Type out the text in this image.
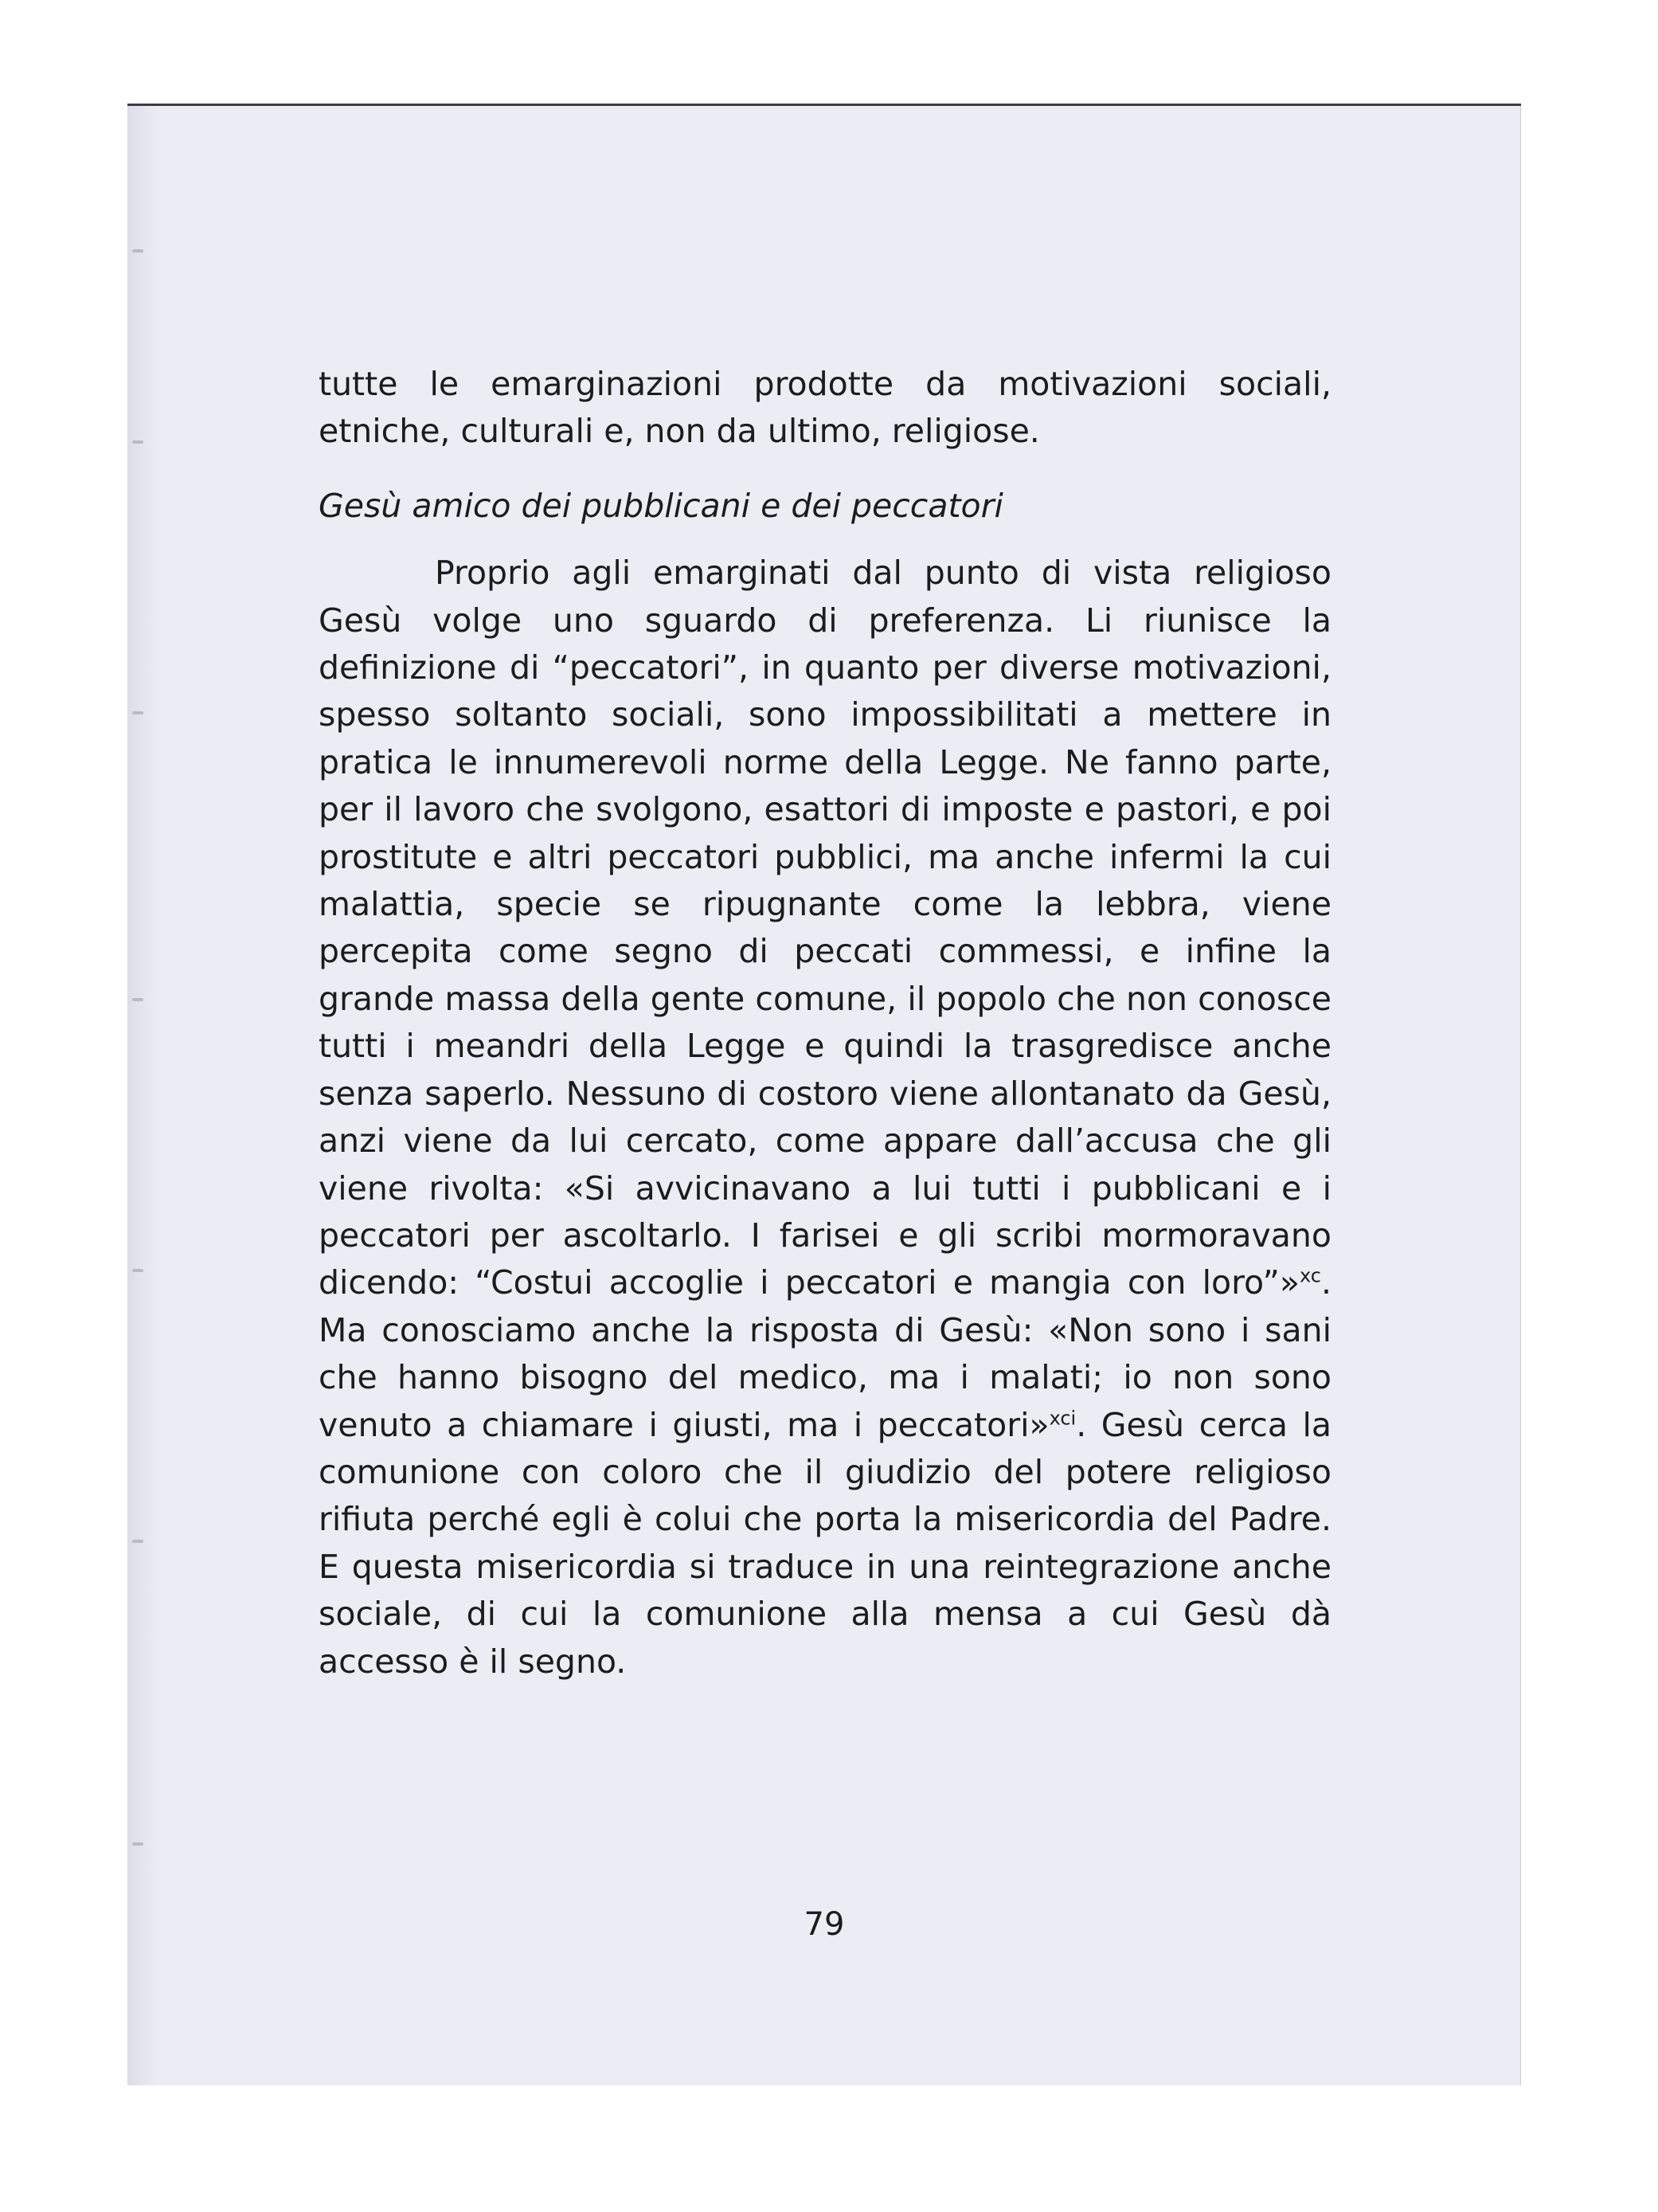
tutte le emarginazioni prodotte da motivazioni sociali, etniche, culturali e, non da ultimo, religiose.

Gesù amico dei pubblicani e dei peccatori

Proprio agli emarginati dal punto di vista religioso Gesù volge uno sguardo di preferenza. Li riunisce la definizione di “peccatori”, in quanto per diverse motivazioni, spesso soltanto sociali, sono impossibilitati a mettere in pratica le innumerevoli norme della Legge. Ne fanno parte, per il lavoro che svolgono, esattori di imposte e pastori, e poi prostitute e altri peccatori pubblici, ma anche infermi la cui malattia, specie se ripugnante come la lebbra, viene percepita come segno di peccati commessi, e infine la grande massa della gente comune, il popolo che non conosce tutti i meandri della Legge e quindi la trasgredisce anche senza saperlo. Nessuno di costoro viene allontanato da Gesù, anzi viene da lui cercato, come appare dall’accusa che gli viene rivolta: «Si avvicinavano a lui tutti i pubblicani e i peccatori per ascoltarlo. I farisei e gli scribi mormoravano dicendo: “Costui accoglie i peccatori e mangia con loro”»$^{xc}$. Ma conosciamo anche la risposta di Gesù: «Non sono i sani che hanno bisogno del medico, ma i malati; io non sono venuto a chiamare i giusti, ma i peccatori»$^{xci}$. Gesù cerca la comunione con coloro che il giudizio del potere religioso rifiuta perché egli è colui che porta la misericordia del Padre. E questa misericordia si traduce in una reintegrazione anche sociale, di cui la comunione alla mensa a cui Gesù dà accesso è il segno.

79
